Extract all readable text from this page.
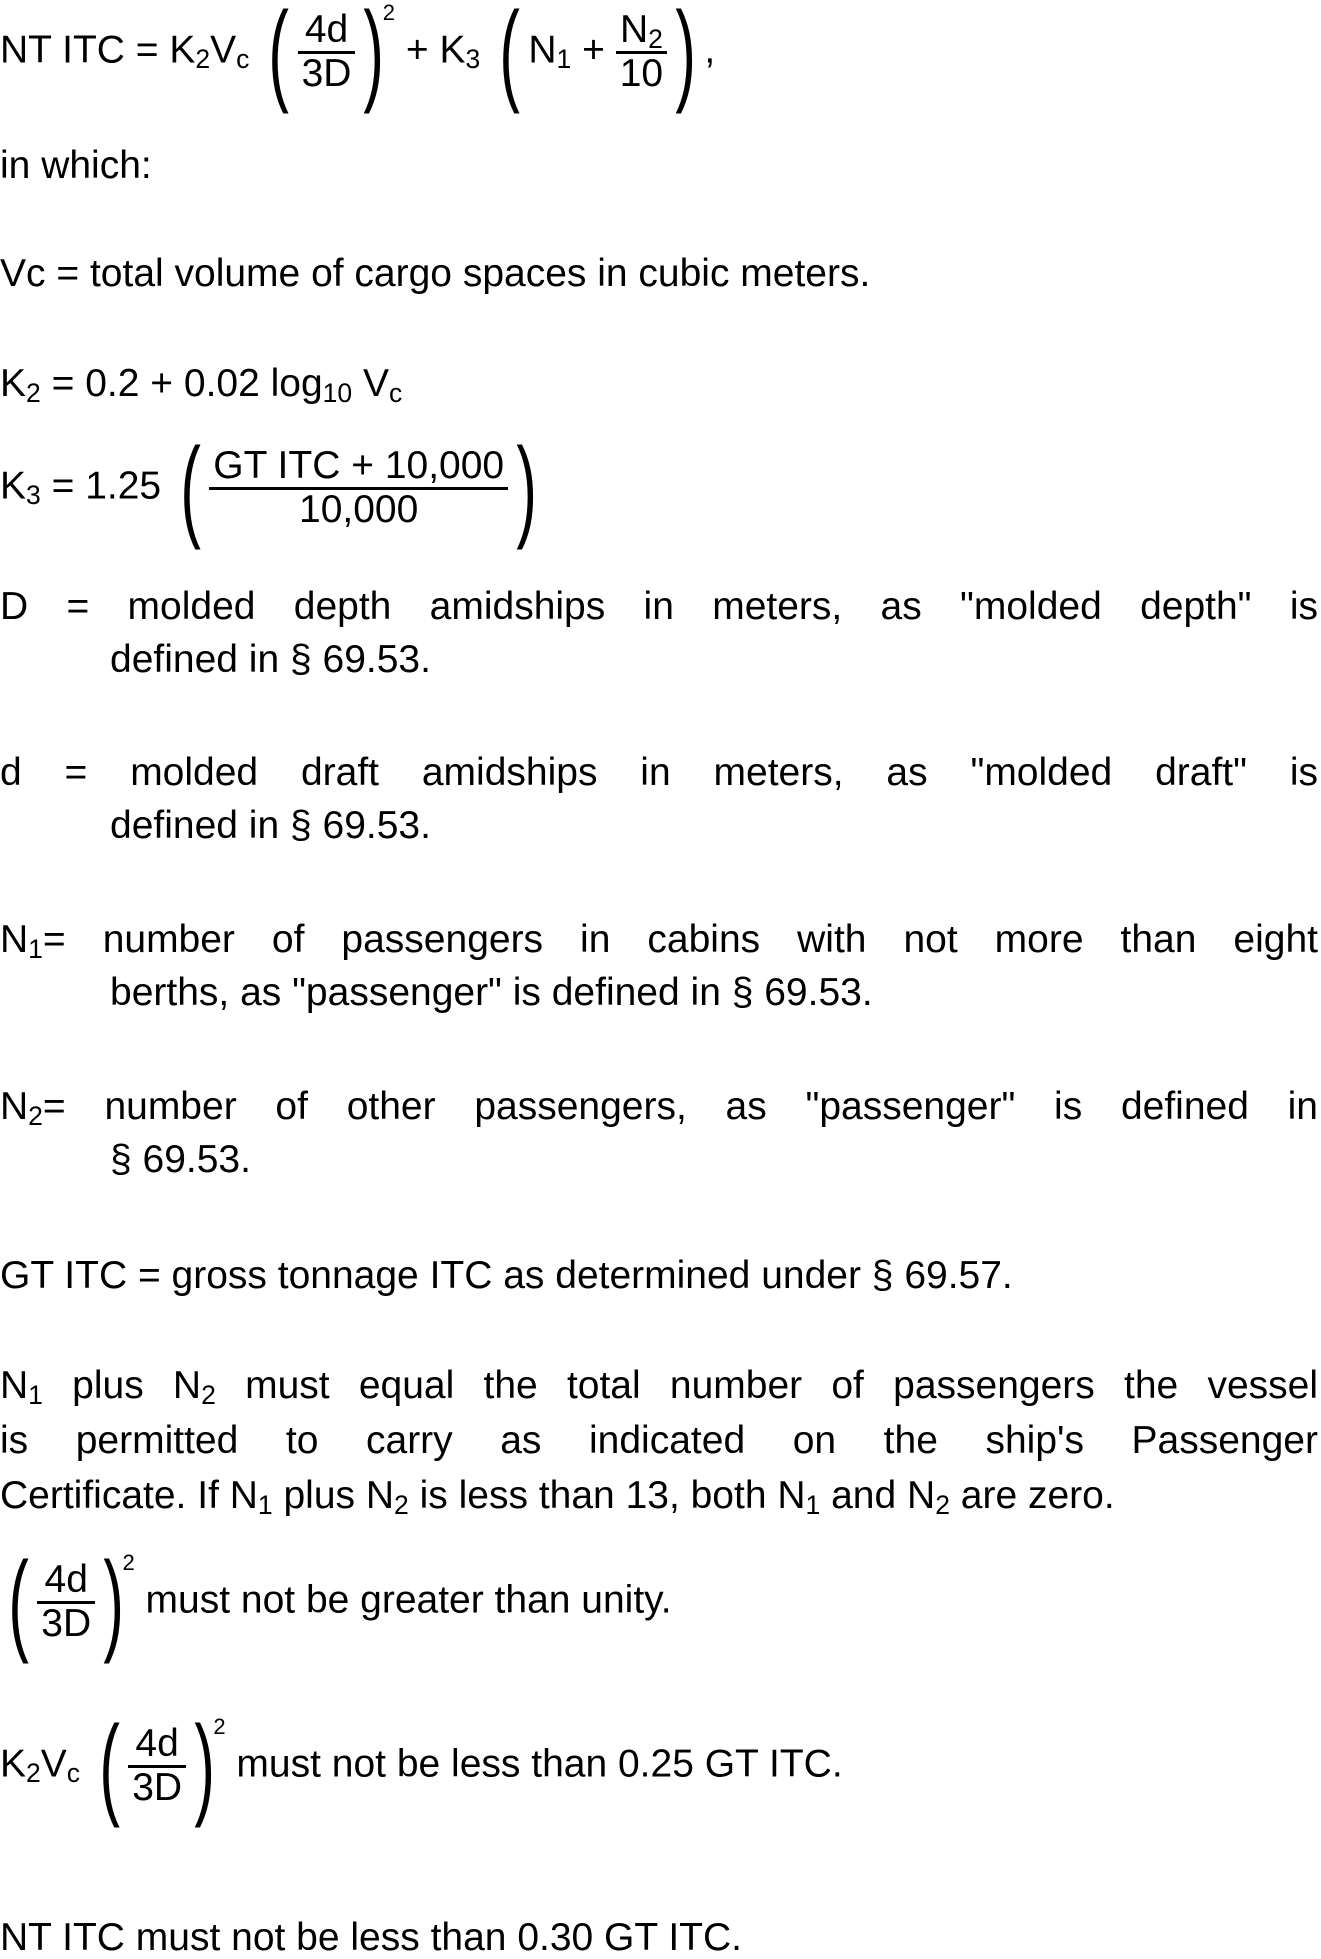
NT ITC = $K_2V_c$ ( $\frac{4d}{3D} )^2 + K_3$ ( $N_1 + \frac{N_2}{10}$ ) ,
in which:
Vc = total volume of cargo spaces in cubic meters.
$K_2 = 0.2 + 0.02$ $\log_{10} V_c$
$K_3 = 1.25$ ( $\frac{\text{GT ITC + 10,000}}{10,000}$ )
D = molded depth amidships in meters, as "molded depth" is
defined in § 69.53.
d = molded draft amidships in meters, as "molded draft" is
defined in § 69.53.
$N_1$ = number of passengers in cabins with not more than eight
berths, as "passenger" is defined in § 69.53.
$N_2$ = number of other passengers, as "passenger" is defined in
§ 69.53.
GT ITC = gross tonnage ITC as determined under § 69.57.
$N_1$ plus $N_2$ must equal the total number of passengers the vessel
is permitted to carry as indicated on the ship's Passenger
Certificate. If $N_1$ plus $N_2$ is less than 13, both $N_1$ and $N_2$ are zero.
( $\frac{4d}{3D} )^2$ must not be greater than unity.
$K_2V_c$ ( $\frac{4d}{3D} )^2$ must not be less than 0.25 GT ITC.
NT ITC must not be less than 0.30 GT ITC.
